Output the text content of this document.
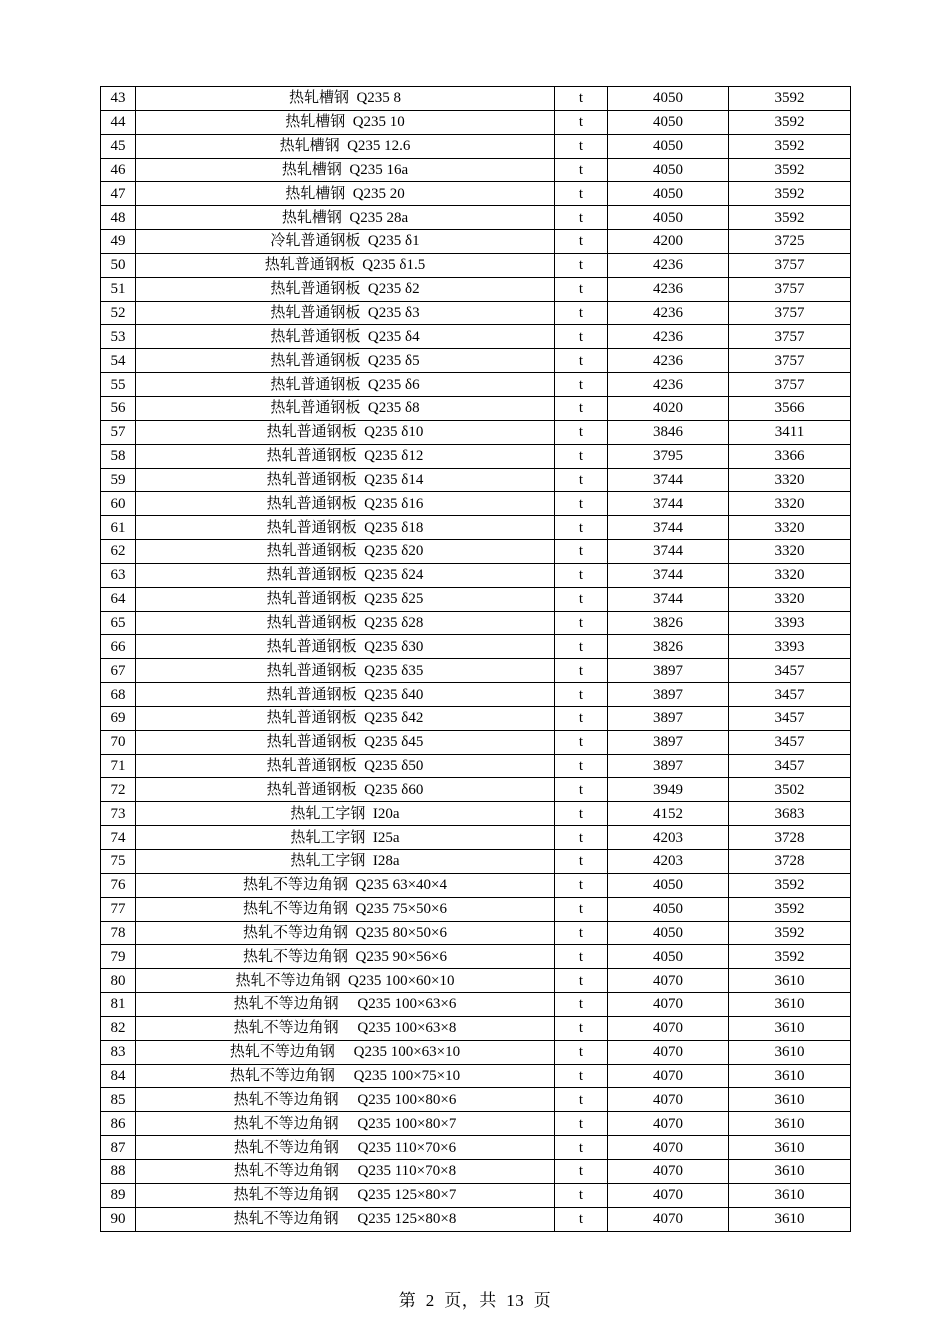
43	热轧槽钢  Q235 8	t	4050	3592
44	热轧槽钢  Q235 10	t	4050	3592
45	热轧槽钢  Q235 12.6	t	4050	3592
46	热轧槽钢  Q235 16a	t	4050	3592
47	热轧槽钢  Q235 20	t	4050	3592
48	热轧槽钢  Q235 28a	t	4050	3592
49	冷轧普通钢板  Q235 δ1	t	4200	3725
50	热轧普通钢板  Q235 δ1.5	t	4236	3757
51	热轧普通钢板  Q235 δ2	t	4236	3757
52	热轧普通钢板  Q235 δ3	t	4236	3757
53	热轧普通钢板  Q235 δ4	t	4236	3757
54	热轧普通钢板  Q235 δ5	t	4236	3757
55	热轧普通钢板  Q235 δ6	t	4236	3757
56	热轧普通钢板  Q235 δ8	t	4020	3566
57	热轧普通钢板  Q235 δ10	t	3846	3411
58	热轧普通钢板  Q235 δ12	t	3795	3366
59	热轧普通钢板  Q235 δ14	t	3744	3320
60	热轧普通钢板  Q235 δ16	t	3744	3320
61	热轧普通钢板  Q235 δ18	t	3744	3320
62	热轧普通钢板  Q235 δ20	t	3744	3320
63	热轧普通钢板  Q235 δ24	t	3744	3320
64	热轧普通钢板  Q235 δ25	t	3744	3320
65	热轧普通钢板  Q235 δ28	t	3826	3393
66	热轧普通钢板  Q235 δ30	t	3826	3393
67	热轧普通钢板  Q235 δ35	t	3897	3457
68	热轧普通钢板  Q235 δ40	t	3897	3457
69	热轧普通钢板  Q235 δ42	t	3897	3457
70	热轧普通钢板  Q235 δ45	t	3897	3457
71	热轧普通钢板  Q235 δ50	t	3897	3457
72	热轧普通钢板  Q235 δ60	t	3949	3502
73	热轧工字钢  I20a	t	4152	3683
74	热轧工字钢  I25a	t	4203	3728
75	热轧工字钢  I28a	t	4203	3728
76	热轧不等边角钢  Q235 63×40×4	t	4050	3592
77	热轧不等边角钢  Q235 75×50×6	t	4050	3592
78	热轧不等边角钢  Q235 80×50×6	t	4050	3592
79	热轧不等边角钢  Q235 90×56×6	t	4050	3592
80	热轧不等边角钢  Q235 100×60×10	t	4070	3610
81	热轧不等边角钢     Q235 100×63×6	t	4070	3610
82	热轧不等边角钢     Q235 100×63×8	t	4070	3610
83	热轧不等边角钢     Q235 100×63×10	t	4070	3610
84	热轧不等边角钢     Q235 100×75×10	t	4070	3610
85	热轧不等边角钢     Q235 100×80×6	t	4070	3610
86	热轧不等边角钢     Q235 100×80×7	t	4070	3610
87	热轧不等边角钢     Q235 110×70×6	t	4070	3610
88	热轧不等边角钢     Q235 110×70×8	t	4070	3610
89	热轧不等边角钢     Q235 125×80×7	t	4070	3610
90	热轧不等边角钢     Q235 125×80×8	t	4070	3610
第  2  页，共  13  页
